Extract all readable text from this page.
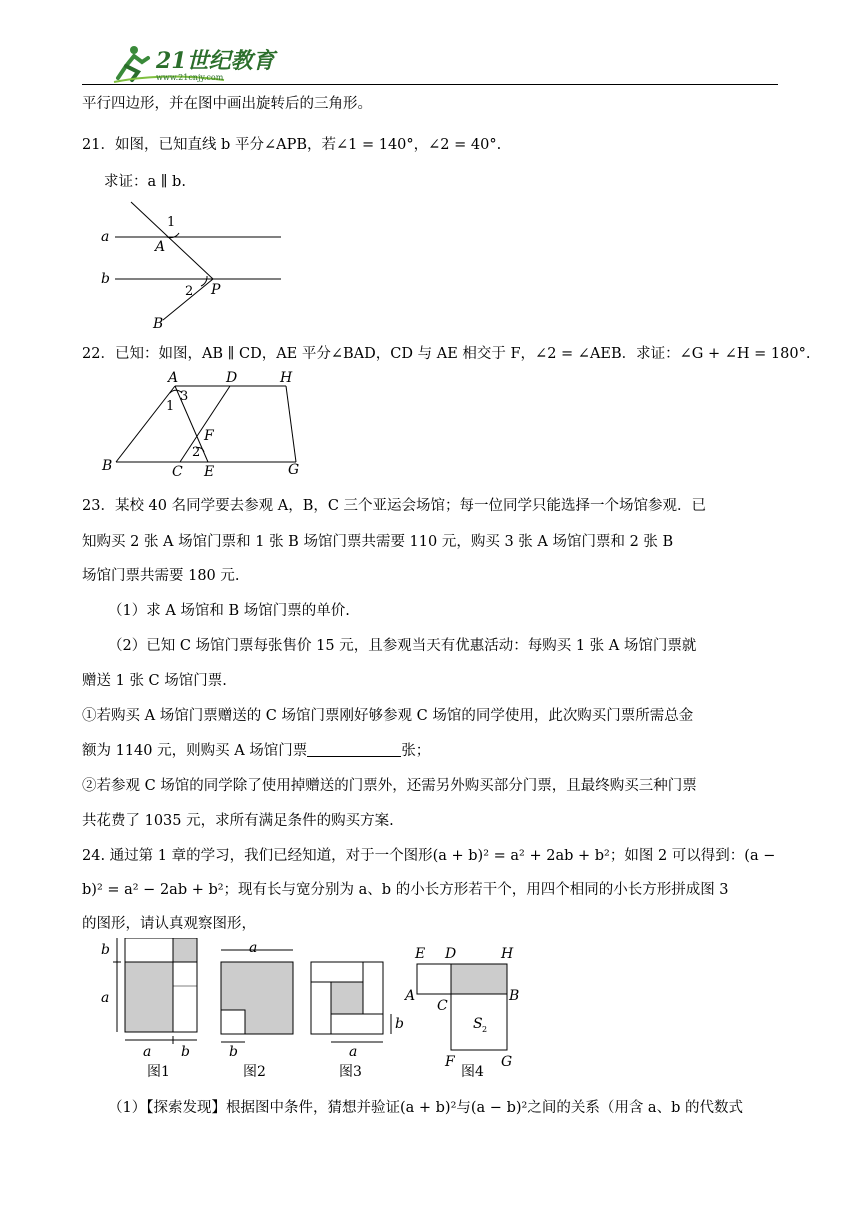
21世纪教育
www.21cnjy.com
平行四边形，并在图中画出旋转后的三角形。
21．如图，已知直线 b 平分∠APB，若∠1 = 140°，∠2 = 40°.
求证：a ∥ b.
a
b
A
P
B
1
2
22．已知：如图，AB ∥ CD，AE 平分∠BAD，CD 与 AE 相交于 F，∠2 = ∠AEB．求证：∠G + ∠H = 180°.
A	D	H
B	C E	G
F
1
2
3
23．某校 40 名同学要去参观 A，B，C 三个亚运会场馆；每一位同学只能选择一个场馆参观．已
知购买 2 张 A 场馆门票和 1 张 B 场馆门票共需要 110 元，购买 3 张 A 场馆门票和 2 张 B
场馆门票共需要 180 元.
（1）求 A 场馆和 B 场馆门票的单价.
（2）已知 C 场馆门票每张售价 15 元，且参观当天有优惠活动：每购买 1 张 A 场馆门票就
赠送 1 张 C 场馆门票.
①若购买 A 场馆门票赠送的 C 场馆门票刚好够参观 C 场馆的同学使用，此次购买门票所需总金
额为 1140 元，则购买 A 场馆门票	张；
②若参观 C 场馆的同学除了使用掉赠送的门票外，还需另外购买部分门票，且最终购买三种门票
共花费了 1035 元，求所有满足条件的购买方案.
24. 通过第 1 章的学习，我们已经知道，对于一个图形(a + b)² = a² + 2ab + b²；如图 2 可以得到：(a −
b)² = a² − 2ab + b²；现有长与宽分别为 a、b 的小长方形若干个，用四个相同的小长方形拼成图 3
的图形，请认真观察图形，
b
a
a b
图1
a
b
图2
a
b
图3
E D	H
A
C
B
F	G
S 2
图4
（1）【探索发现】根据图中条件，猜想并验证(a + b)²与(a − b)²之间的关系（用含 a、b 的代数式
